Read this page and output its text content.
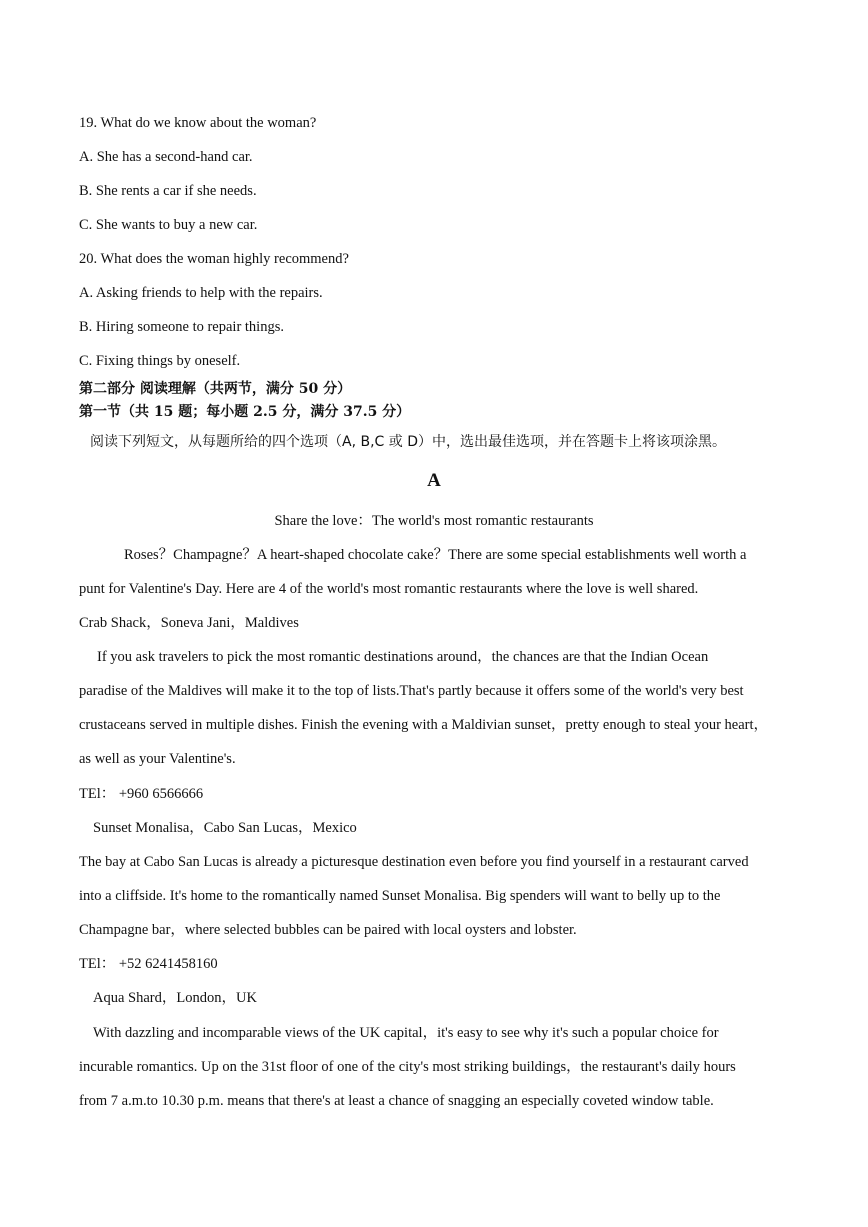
19. What do we know about the woman?
A. She has a second-hand car.
B. She rents a car if she needs.
C. She wants to buy a new car.
20. What does the woman highly recommend?
A. Asking friends to help with the repairs.
B. Hiring someone to repair things.
C. Fixing things by oneself.
第二部分 阅读理解（共两节，满分 50 分）
第一节（共 15 题；每小题 2.5 分，满分 37.5 分）
阅读下列短文，从每题所给的四个选项（A, B,C 或 D）中，选出最佳选项，并在答题卡上将该项涂黑。
A
Share the love：The world's most romantic restaurants
Roses？Champagne？A heart-shaped chocolate cake？There are some special establishments well worth a
punt for Valentine's Day. Here are 4 of the world's most romantic restaurants where the love is well shared.
Crab Shack，Soneva Jani，Maldives
If you ask travelers to pick the most romantic destinations around，the chances are that the Indian Ocean
paradise of the Maldives will make it to the top of lists.That's partly because it offers some of the world's very best
crustaceans served in multiple dishes. Finish the evening with a Maldivian sunset，pretty enough to steal your heart，
as well as your Valentine's.
TEl： +960 6566666
Sunset Monalisa，Cabo San Lucas，Mexico
The bay at Cabo San Lucas is already a picturesque destination even before you find yourself in a restaurant carved
into a cliffside. It's home to the romantically named Sunset Monalisa. Big spenders will want to belly up to the
Champagne bar，where selected bubbles can be paired with local oysters and lobster.
TEl： +52 6241458160
Aqua Shard，London，UK
With dazzling and incomparable views of the UK capital，it's easy to see why it's such a popular choice for
incurable romantics. Up on the 31st floor of one of the city's most striking buildings，the restaurant's daily hours
from 7 a.m.to 10.30 p.m. means that there's at least a chance of snagging an especially coveted window table.
